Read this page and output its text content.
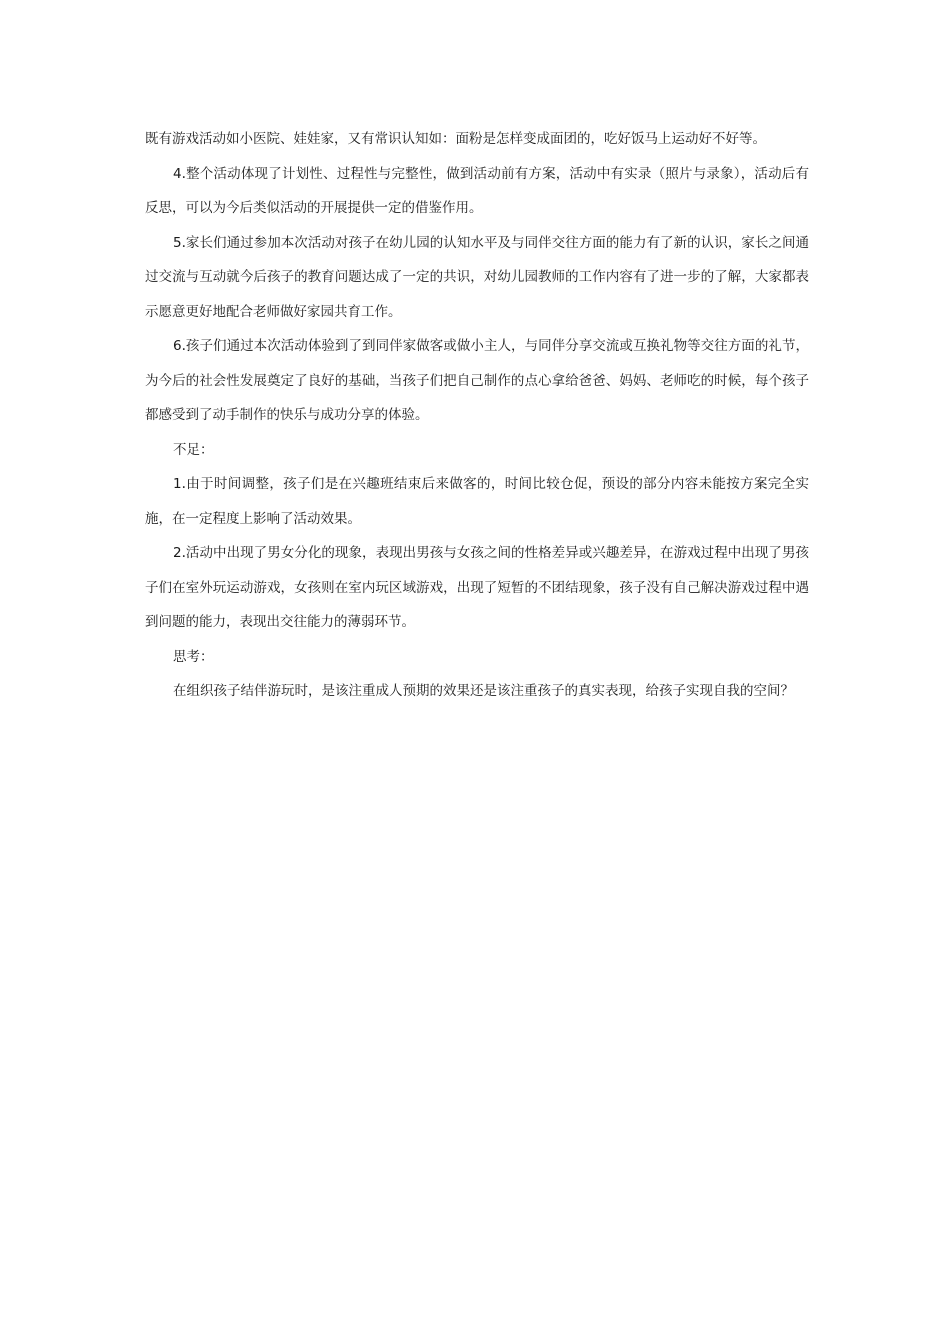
既有游戏活动如小医院、娃娃家，又有常识认知如：面粉是怎样变成面团的，吃好饭马上运动好不好等。

4.整个活动体现了计划性、过程性与完整性，做到活动前有方案，活动中有实录（照片与录象），活动后有反思，可以为今后类似活动的开展提供一定的借鉴作用。

5.家长们通过参加本次活动对孩子在幼儿园的认知水平及与同伴交往方面的能力有了新的认识，家长之间通过交流与互动就今后孩子的教育问题达成了一定的共识，对幼儿园教师的工作内容有了进一步的了解，大家都表示愿意更好地配合老师做好家园共育工作。

6.孩子们通过本次活动体验到了到同伴家做客或做小主人，与同伴分享交流或互换礼物等交往方面的礼节，为今后的社会性发展奠定了良好的基础，当孩子们把自己制作的点心拿给爸爸、妈妈、老师吃的时候，每个孩子都感受到了动手制作的快乐与成功分享的体验。

不足：

1.由于时间调整，孩子们是在兴趣班结束后来做客的，时间比较仓促，预设的部分内容未能按方案完全实施，在一定程度上影响了活动效果。

2.活动中出现了男女分化的现象，表现出男孩与女孩之间的性格差异或兴趣差异，在游戏过程中出现了男孩子们在室外玩运动游戏，女孩则在室内玩区域游戏，出现了短暂的不团结现象，孩子没有自己解决游戏过程中遇到问题的能力，表现出交往能力的薄弱环节。

思考：

在组织孩子结伴游玩时，是该注重成人预期的效果还是该注重孩子的真实表现，给孩子实现自我的空间？
